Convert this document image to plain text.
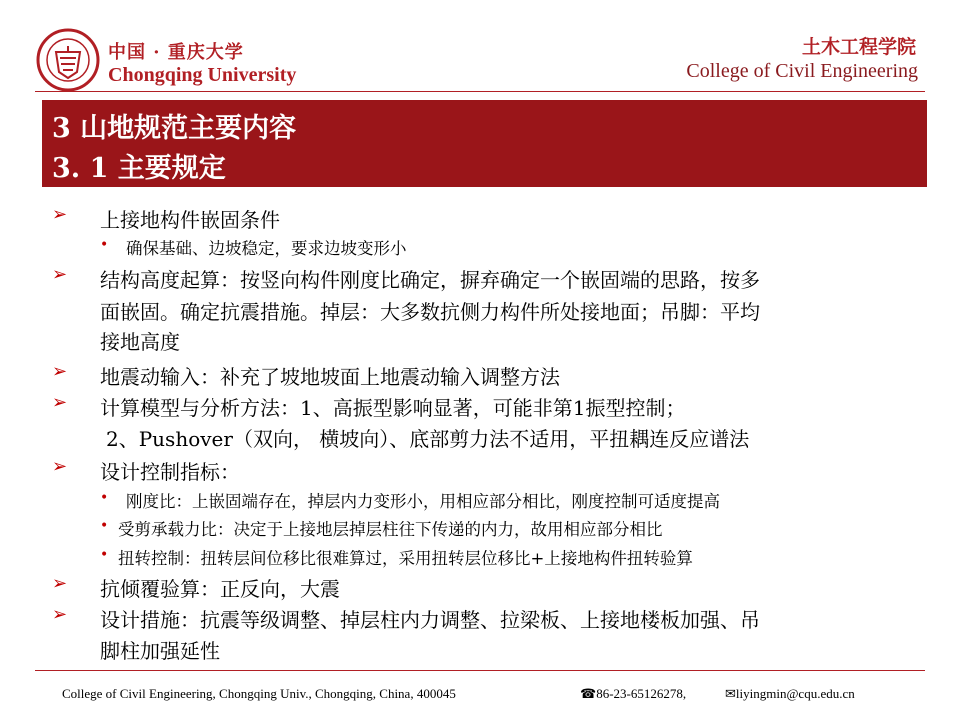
中国 · 重庆大学
Chongqing University
土木工程学院
College of Civil Engineering
3 山地规范主要内容
3. 1 主要规定
➢ 上接地构件嵌固条件
• 确保基础、边坡稳定，要求边坡变形小
➢ 结构高度起算：按竖向构件刚度比确定，摒弃确定一个嵌固端的思路，按多
面嵌固。确定抗震措施。掉层：大多数抗侧力构件所处接地面；吊脚：平均
接地高度
➢ 地震动输入：补充了坡地坡面上地震动输入调整方法
➢ 计算模型与分析方法：1、高振型影响显著，可能非第1振型控制；
2、Pushover（双向， 横坡向）、底部剪力法不适用，平扭耦连反应谱法
➢ 设计控制指标：
• 刚度比：上嵌固端存在，掉层内力变形小，用相应部分相比，刚度控制可适度提高
• 受剪承载力比：决定于上接地层掉层柱往下传递的内力，故用相应部分相比
• 扭转控制：扭转层间位移比很难算过，采用扭转层位移比+上接地构件扭转验算
➢ 抗倾覆验算：正反向，大震
➢ 设计措施：抗震等级调整、掉层柱内力调整、拉梁板、上接地楼板加强、吊
脚柱加强延性
College of Civil Engineering, Chongqing Univ., Chongqing, China, 400045	☎86-23-65126278,	✉liyingmin@cqu.edu.cn
